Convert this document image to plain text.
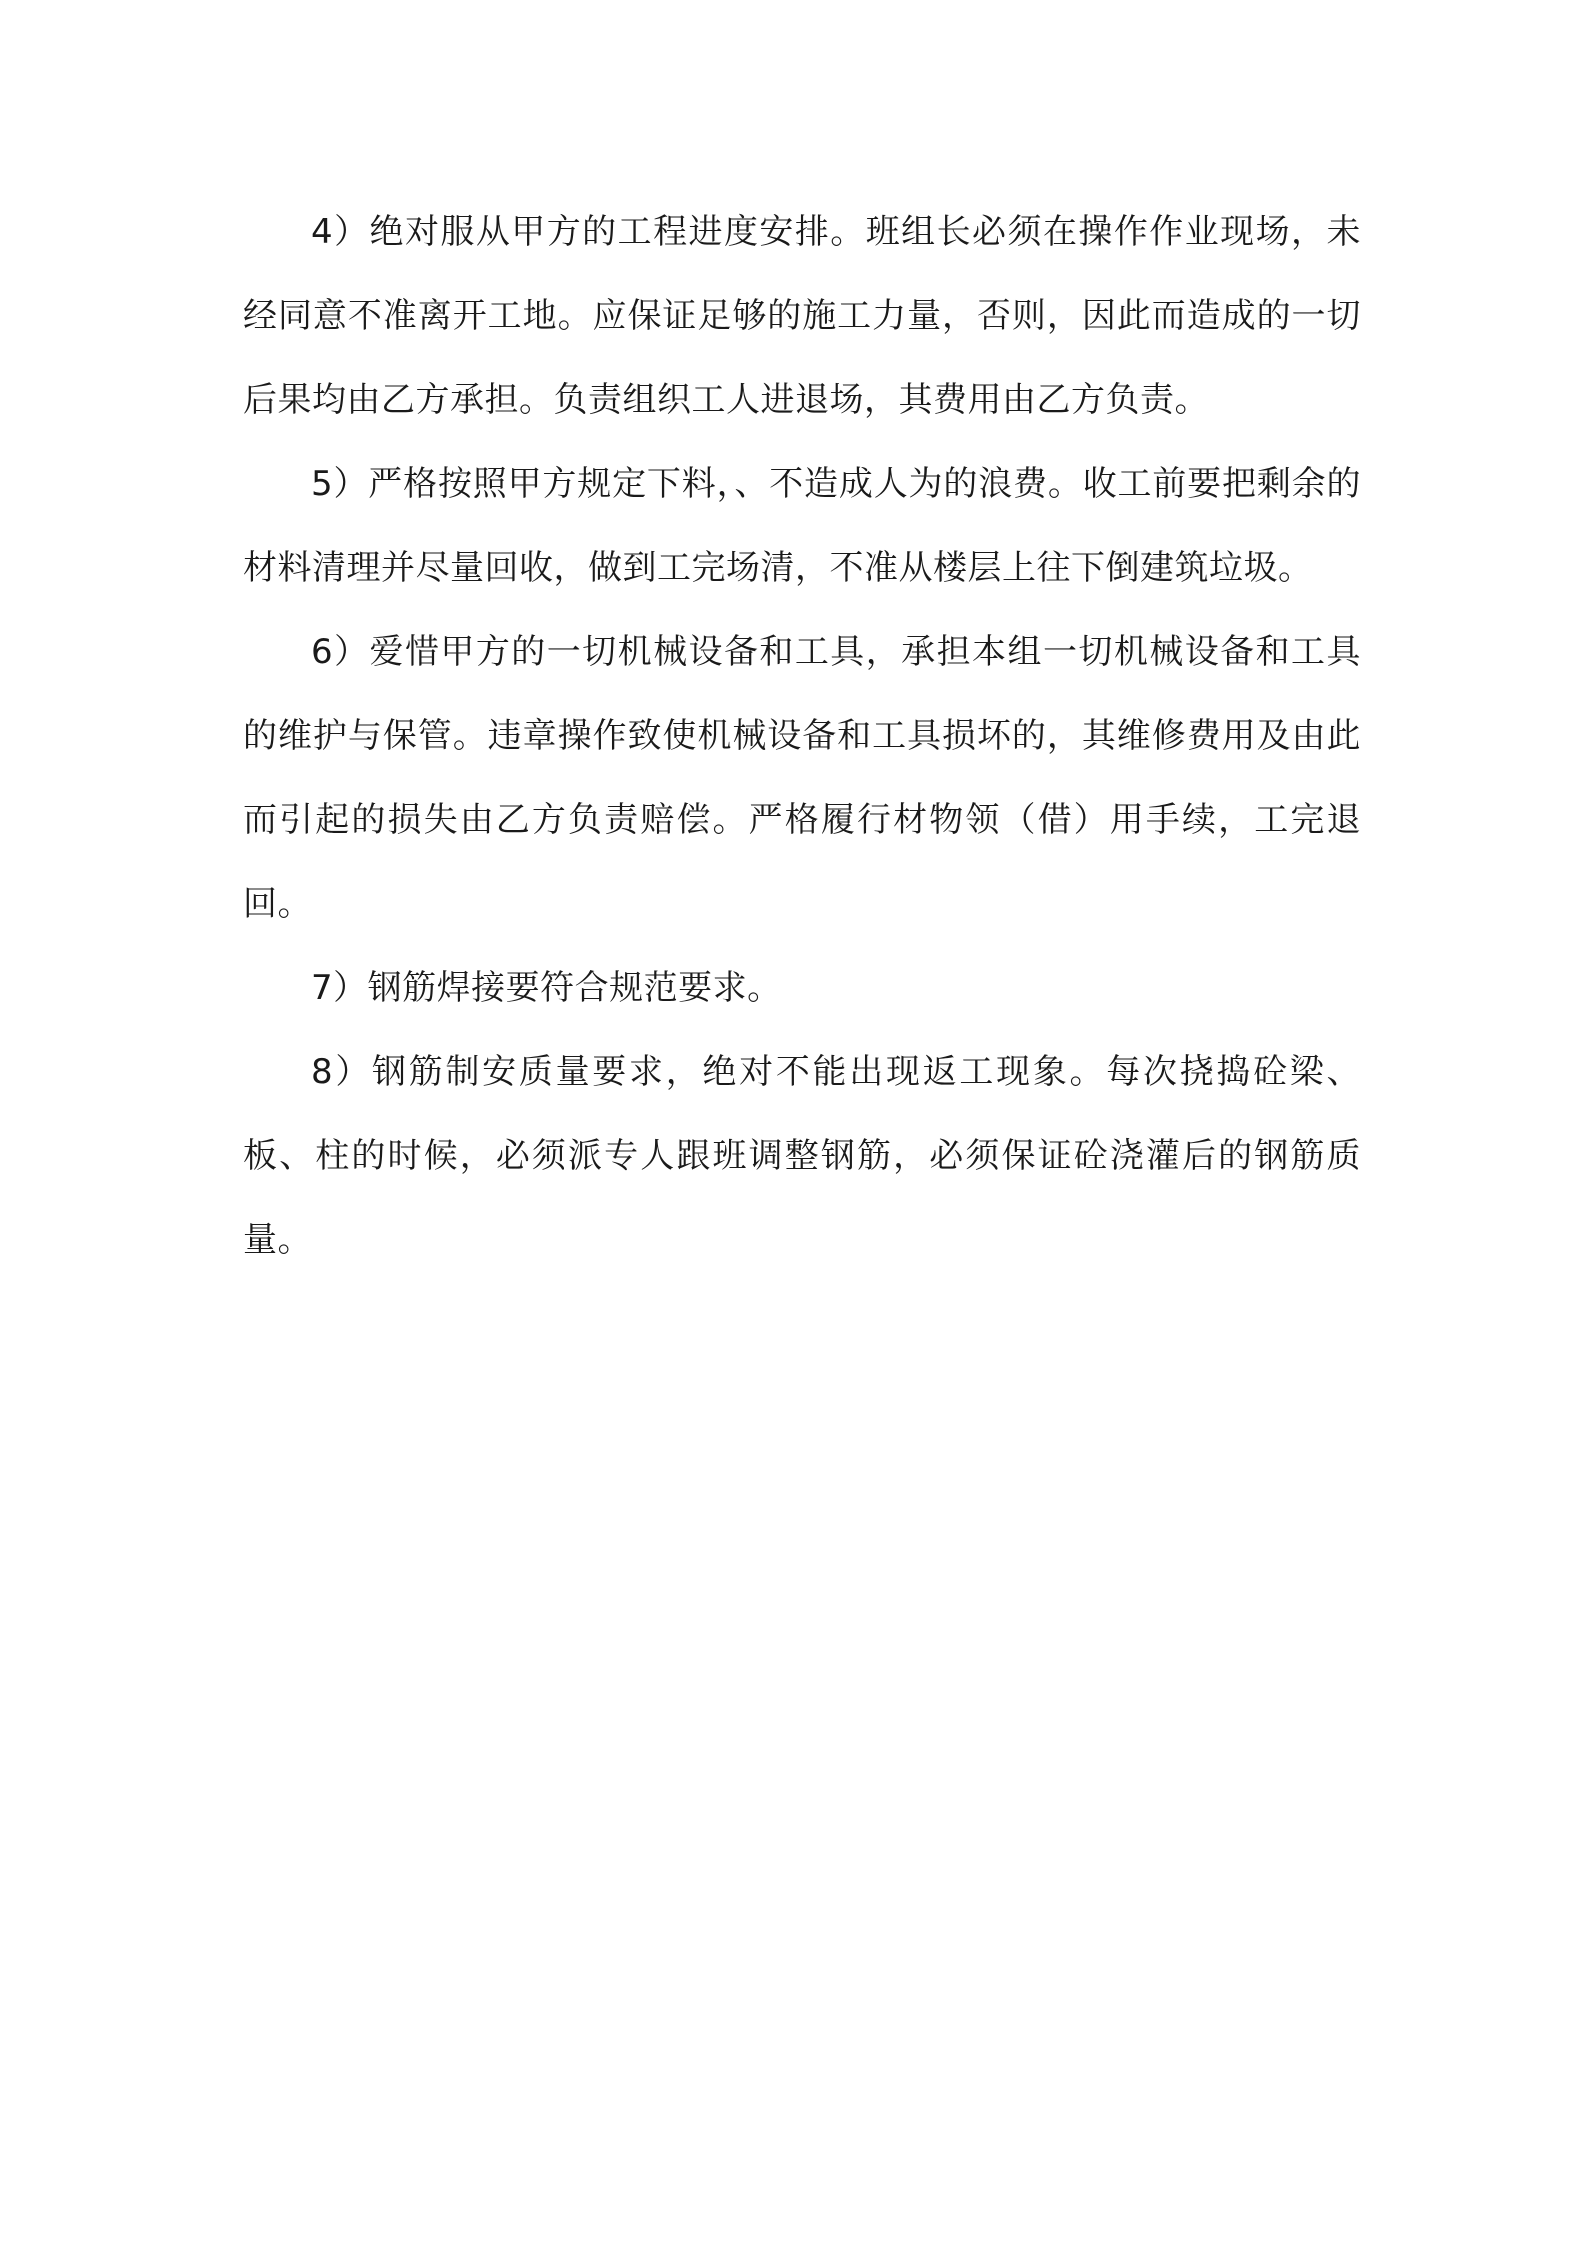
4）绝对服从甲方的工程进度安排。班组长必须在操作作业现场，未经同意不准离开工地。应保证足够的施工力量，否则，因此而造成的一切后果均由乙方承担。负责组织工人进退场，其费用由乙方负责。

5）严格按照甲方规定下料，、不造成人为的浪费。收工前要把剩余的材料清理并尽量回收，做到工完场清，不准从楼层上往下倒建筑垃圾。

6）爱惜甲方的一切机械设备和工具，承担本组一切机械设备和工具的维护与保管。违章操作致使机械设备和工具损坏的，其维修费用及由此而引起的损失由乙方负责赔偿。严格履行材物领（借）用手续，工完退回。

7）钢筋焊接要符合规范要求。

8）钢筋制安质量要求，绝对不能出现返工现象。每次挠捣砼梁、板、柱的时候，必须派专人跟班调整钢筋，必须保证砼浇灌后的钢筋质量。
